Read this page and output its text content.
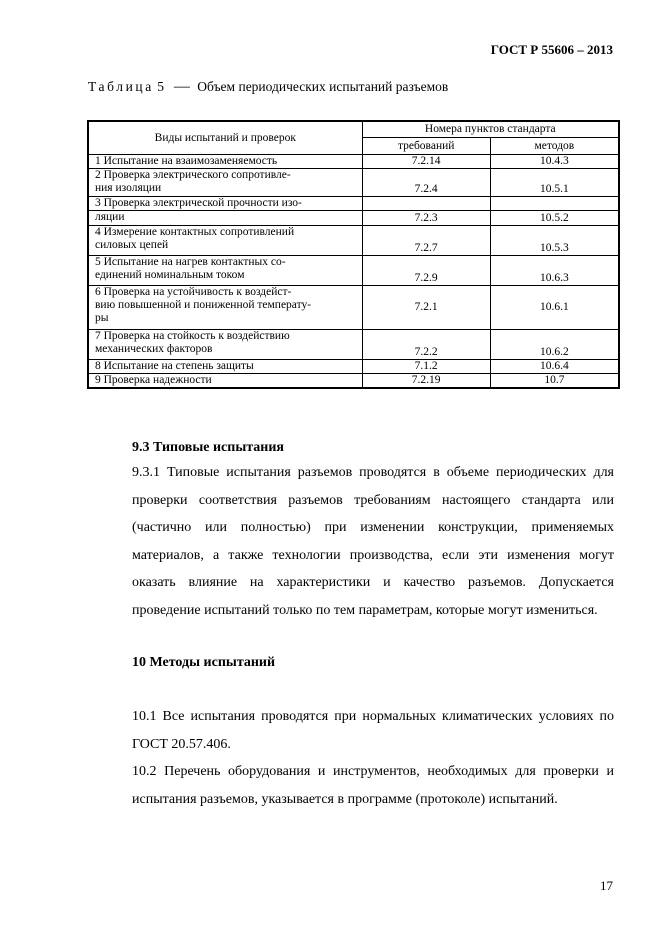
ГОСТ Р 55606 – 2013
Таблица 5 — Объем периодических испытаний разъемов
Виды испытаний и проверок	Номера пунктов стандарта	
	требований	методов
1 Испытание на взаимозаменяемость	7.2.14	10.4.3
2 Проверка электрического сопротивле-
ния изоляции	7.2.4	10.5.1
3 Проверка электрической прочности изо-		
ляции	7.2.3	10.5.2
4 Измерение контактных сопротивлений
силовых цепей	7.2.7	10.5.3
5 Испытание на нагрев контактных со-
единений номинальным током	7.2.9	10.6.3
6 Проверка на устойчивость к воздейст-
вию повышенной и пониженной температу-
ры	7.2.1	10.6.1
7 Проверка на стойкость к воздействию
механических факторов	7.2.2	10.6.2
8 Испытание на степень защиты	7.1.2	10.6.4
9 Проверка надежности	7.2.19	10.7
9.3 Типовые испытания

9.3.1 Типовые испытания разъемов проводятся в объеме периодических для проверки соответствия разъемов требованиям настоящего стандарта или (частично или полностью) при изменении конструкции, применяемых материалов, а также технологии производства, если эти изменения могут оказать влияние на характеристики и качество разъемов. Допускается проведение испытаний только по тем параметрам, которые могут измениться.

10 Методы испытаний

10.1 Все испытания проводятся при нормальных климатических условиях по ГОСТ 20.57.406.

10.2 Перечень оборудования и инструментов, необходимых для проверки и испытания разъемов, указывается в программе (протоколе) испытаний.

17
